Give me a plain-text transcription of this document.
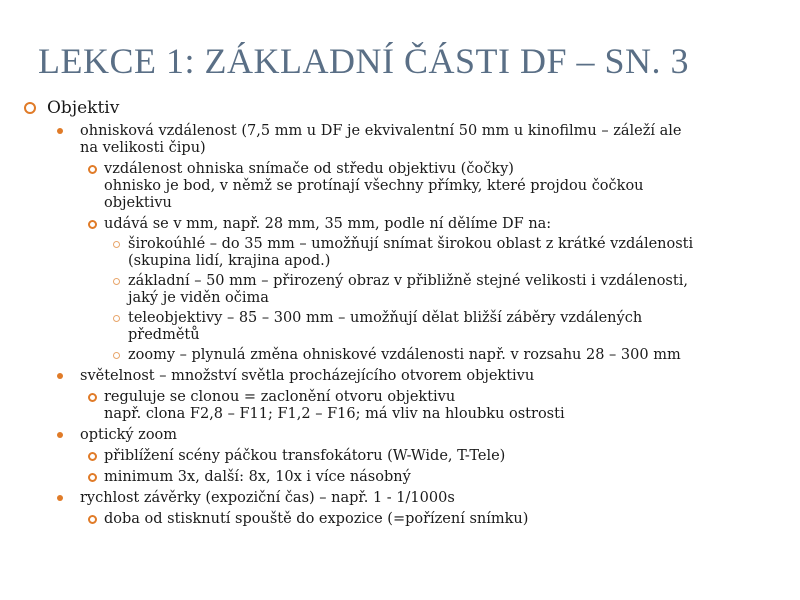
LEKCE 1: ZÁKLADNÍ ČÁSTI DF – SN. 3
Objektiv
ohnisková vzdálenost (7,5 mm u DF je ekvivalentní 50 mm u kinofilmu – záleží ale
na velikosti čipu)
vzdálenost ohniska snímače od středu objektivu (čočky)
ohnisko je bod, v němž se protínají všechny přímky, které projdou čočkou
objektivu
udává se v mm, např. 28 mm, 35 mm, podle ní dělíme DF na:
širokoúhlé – do 35 mm – umožňují snímat širokou oblast z krátké vzdálenosti
(skupina lidí, krajina apod.)
základní – 50 mm – přirozený obraz v přibližně stejné velikosti i vzdálenosti,
jaký je viděn očima
teleobjektivy – 85 – 300 mm – umožňují dělat bližší záběry vzdálených
předmětů
zoomy – plynulá změna ohniskové vzdálenosti např. v rozsahu 28 – 300 mm
světelnost – množství světla procházejícího otvorem objektivu
reguluje se clonou = zaclonění otvoru objektivu
např. clona F2,8 – F11; F1,2 – F16; má vliv na hloubku ostrosti
optický zoom
přiblížení scény páčkou transfokátoru (W-Wide, T-Tele)
minimum 3x, další: 8x, 10x i více násobný
rychlost závěrky (expoziční čas) – např. 1 - 1/1000s
doba od stisknutí spouště do expozice (=pořízení snímku)
